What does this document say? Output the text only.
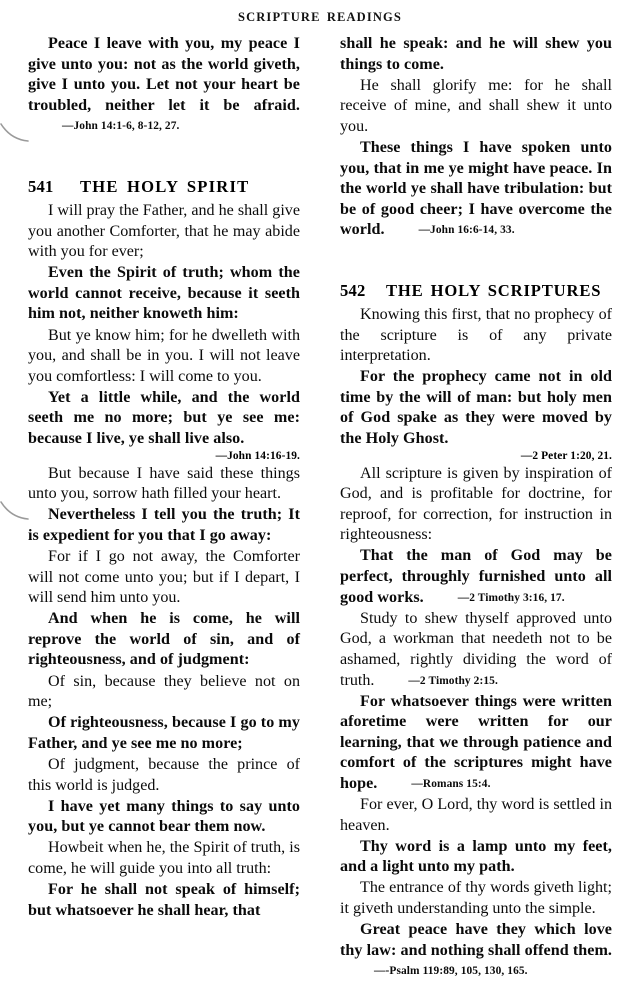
SCRIPTURE READINGS

Peace I leave with you, my peace I give unto you: not as the world giveth, give I unto you. Let not your heart be troubled, neither let it be afraid.—John 14:1-6, 8-12, 27.

541	THE HOLY SPIRIT

I will pray the Father, and he shall give you another Comforter, that he may abide with you for ever;

Even the Spirit of truth; whom the world cannot receive, because it seeth him not, neither knoweth him:

But ye know him; for he dwelleth with you, and shall be in you. I will not leave you comfortless: I will come to you.

Yet a little while, and the world seeth me no more; but ye see me: because I live, ye shall live also.

—John 14:16-19.

But because I have said these things unto you, sorrow hath filled your heart.

Nevertheless I tell you the truth; It is expedient for you that I go away:

For if I go not away, the Comforter will not come unto you; but if I depart, I will send him unto you.

And when he is come, he will reprove the world of sin, and of righteousness, and of judgment:

Of sin, because they believe not on me;

Of righteousness, because I go to my Father, and ye see me no more;

Of judgment, because the prince of this world is judged.

I have yet many things to say unto you, but ye cannot bear them now.

Howbeit when he, the Spirit of truth, is come, he will guide you into all truth:

For he shall not speak of himself; but whatsoever he shall hear, that

shall he speak: and he will shew you things to come.

He shall glorify me: for he shall receive of mine, and shall shew it unto you.

These things I have spoken unto you, that in me ye might have peace. In the world ye shall have tribulation: but be of good cheer; I have overcome the world.	—John 16:6-14, 33.

542	THE HOLY SCRIPTURES

Knowing this first, that no prophecy of the scripture is of any private interpretation.

For the prophecy came not in old time by the will of man: but holy men of God spake as they were moved by the Holy Ghost.

—2 Peter 1:20, 21.

All scripture is given by inspiration of God, and is profitable for doctrine, for reproof, for correction, for instruction in righteousness:

That the man of God may be perfect, throughly furnished unto all good works.	—2 Timothy 3:16, 17.

Study to shew thyself approved unto God, a workman that needeth not to be ashamed, rightly dividing the word of truth.	—2 Timothy 2:15.

For whatsoever things were written aforetime were written for our learning, that we through patience and comfort of the scriptures might have hope.	—Romans 15:4.

For ever, O Lord, thy word is settled in heaven.

Thy word is a lamp unto my feet, and a light unto my path.

The entrance of thy words giveth light; it giveth understanding unto the simple.

Great peace have they which love thy law: and nothing shall offend them.—-Psalm 119:89, 105, 130, 165.
